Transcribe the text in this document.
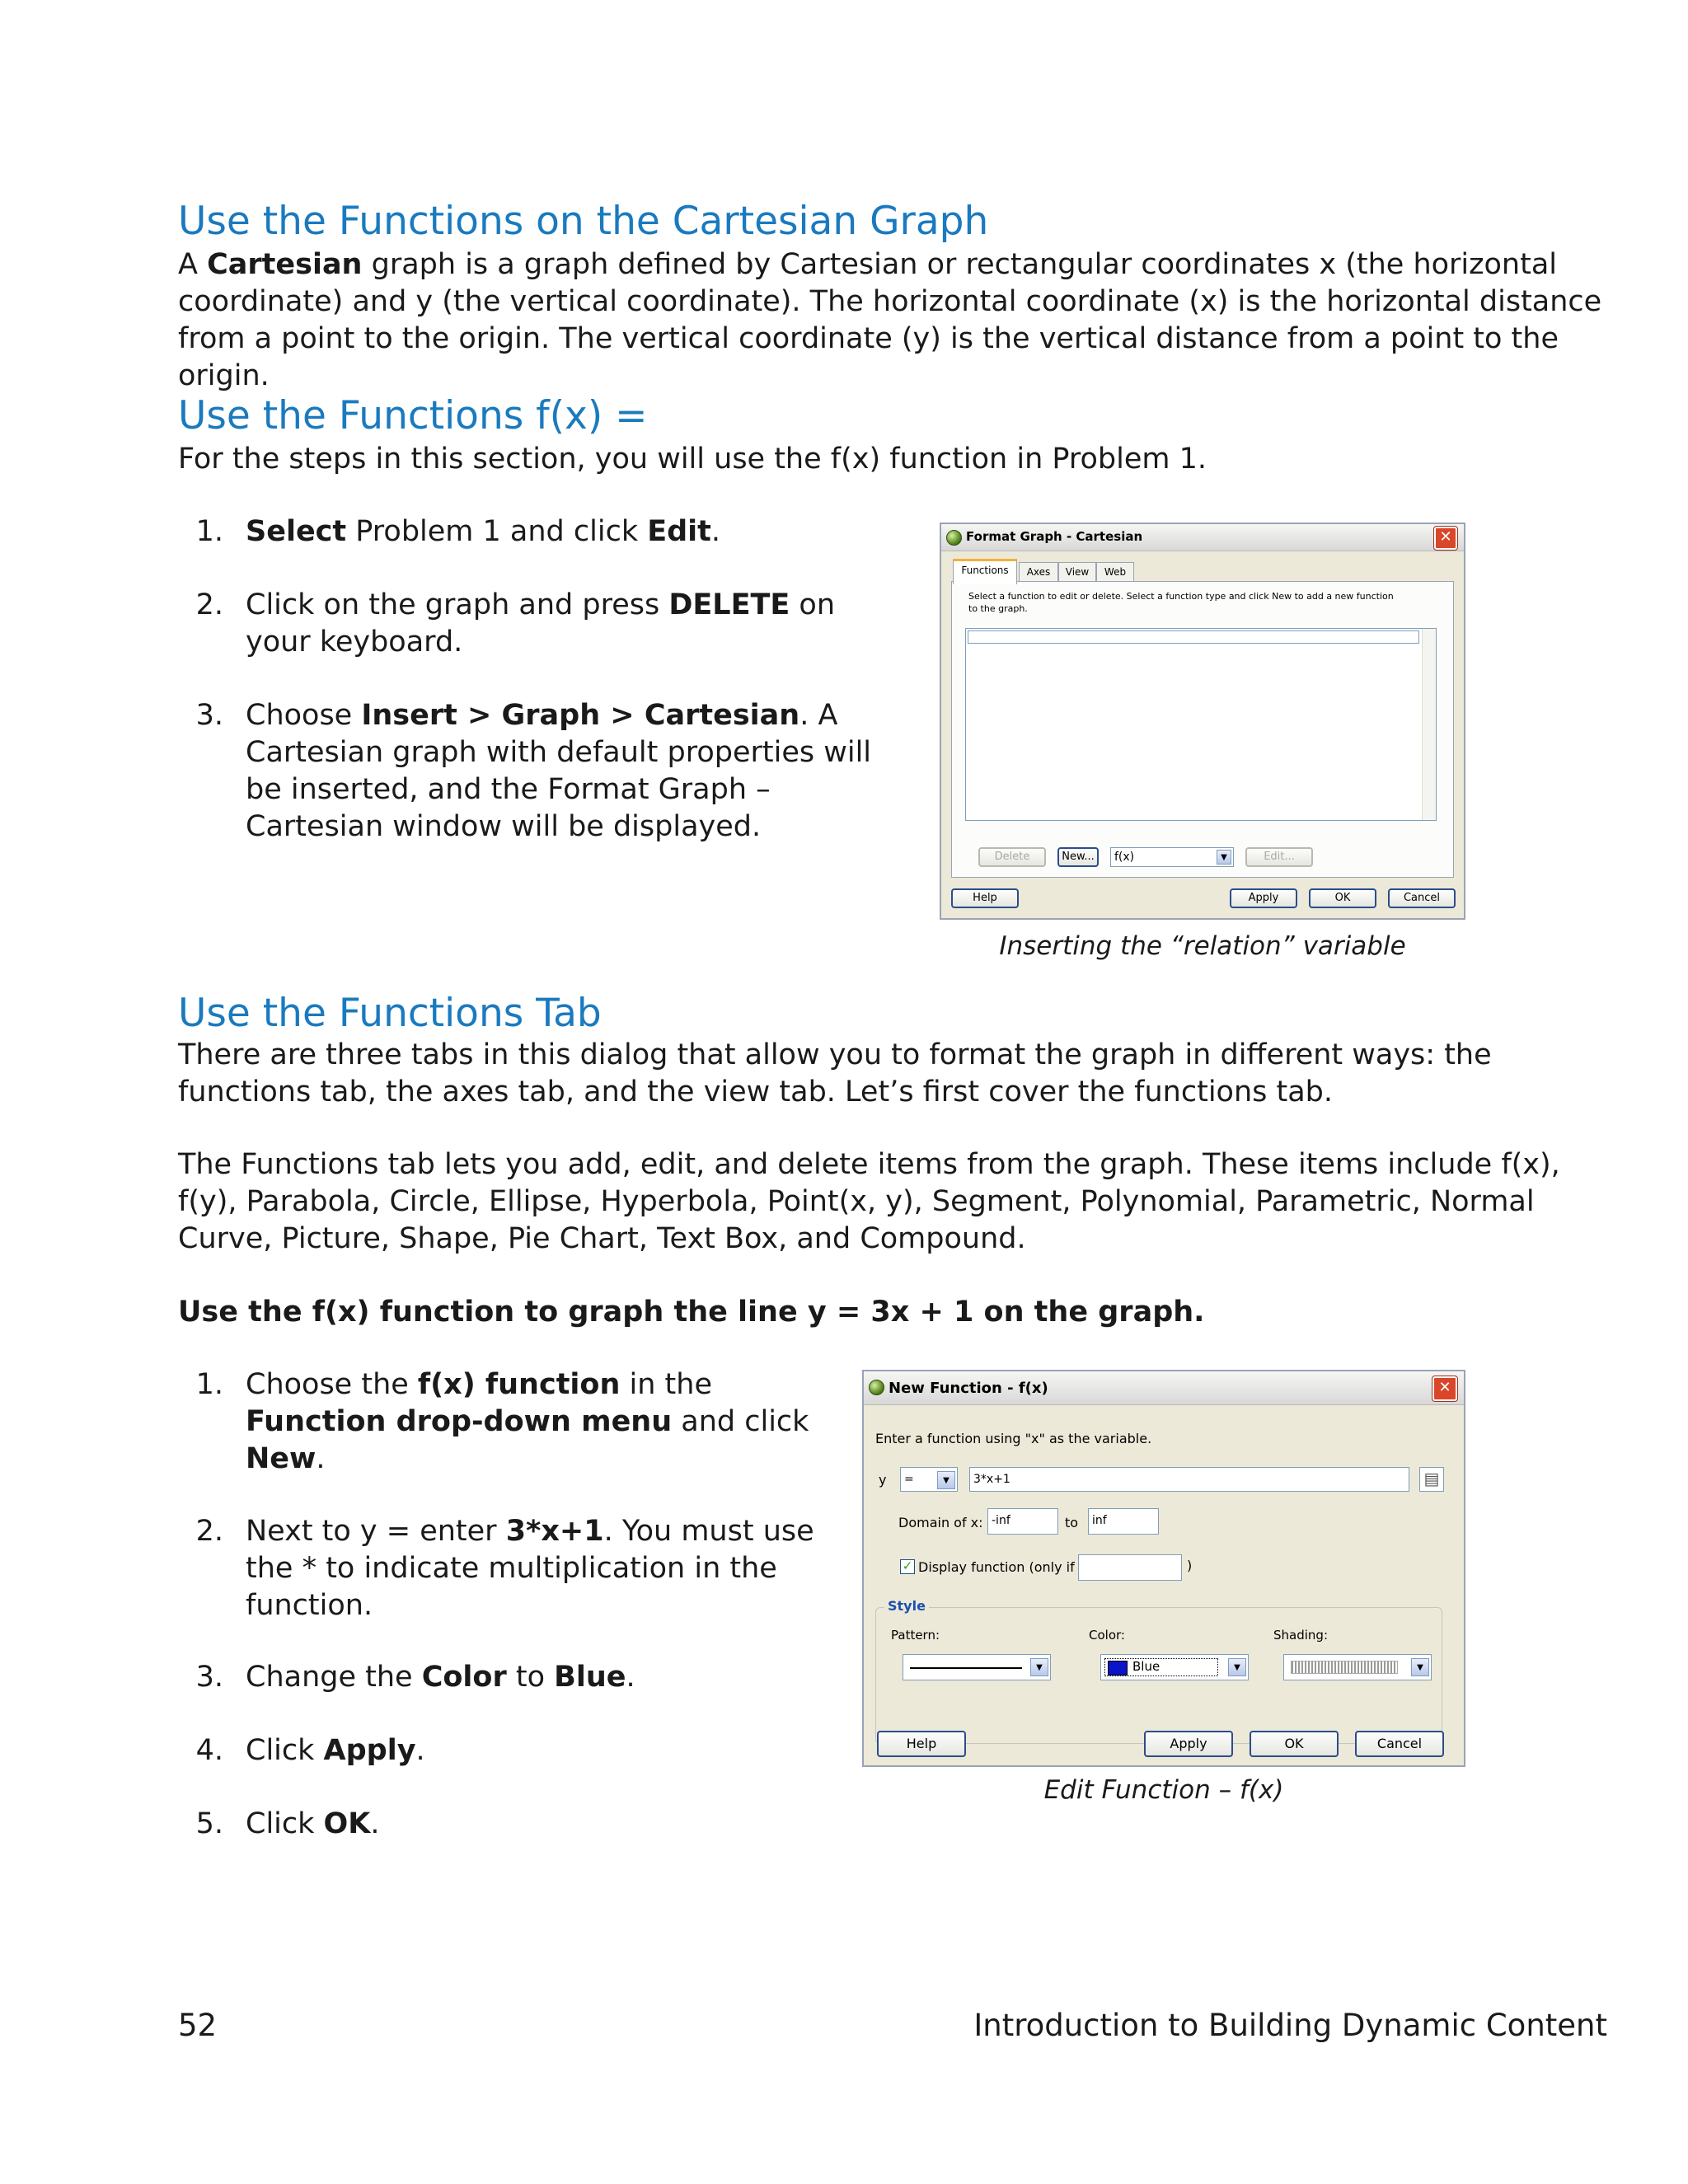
Use the Functions on the Cartesian Graph

A Cartesian graph is a graph defined by Cartesian or rectangular coordinates x (the horizontal coordinate) and y (the vertical coordinate). The horizontal coordinate (x) is the horizontal distance from a point to the origin. The vertical coordinate (y) is the vertical distance from a point to the origin.

Use the Functions f(x) =

For the steps in this section, you will use the f(x) function in Problem 1.

1. Select Problem 1 and click Edit.
2. Click on the graph and press DELETE on your keyboard.
3. Choose Insert > Graph > Cartesian. A Cartesian graph with default properties will be inserted, and the Format Graph – Cartesian window will be displayed.
Format Graph - Cartesian	✕
Functions	Axes	View	Web
Select a function to edit or delete. Select a function type and click New to add a new function to the graph.
Delete	New...	f(x)	▼	Edit...
Help	Apply	OK	Cancel
Inserting the “relation” variable
Use the Functions Tab

There are three tabs in this dialog that allow you to format the graph in different ways: the functions tab, the axes tab, and the view tab. Let’s first cover the functions tab.

The Functions tab lets you add, edit, and delete items from the graph. These items include f(x), f(y), Parabola, Circle, Ellipse, Hyperbola, Point(x, y), Segment, Polynomial, Parametric, Normal Curve, Picture, Shape, Pie Chart, Text Box, and Compound.

Use the f(x) function to graph the line y = 3x + 1 on the graph.

1. Choose the f(x) function in the Function drop-down menu and click New.
2. Next to y = enter 3*x+1. You must use the * to indicate multiplication in the function.
3. Change the Color to Blue.
4. Click Apply.
5. Click OK.
New Function - f(x)	✕
Enter a function using "x" as the variable.
y	=	▼	3*x+1	▤
Domain of x: -inf	to	inf
✓ Display function (only if	)
Style
Pattern:
▼
Color:
Blue	▼
Shading:
▼
Help	Apply	OK	Cancel
Edit Function – f(x)
52	Introduction to Building Dynamic Content
